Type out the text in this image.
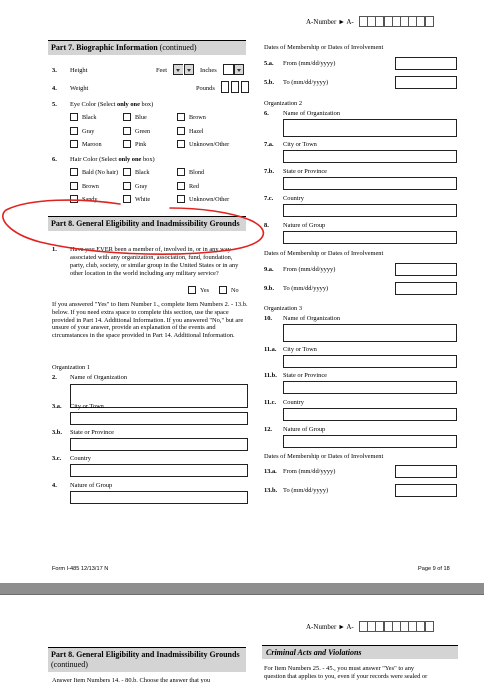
A-Number ► A-
Part 7. Biographic Information (continued)
3. Height	Feet	Inches
4. Weight	Pounds
5. Eye Color (Select only one box)
Black	Blue	Brown
Gray	Green	Hazel
Maroon	Pink	Unknown/Other
6. Hair Color (Select only one box)
Bald (No hair)	Black	Blond
Brown	Gray	Red
Sandy	White	Unknown/Other
Part 8. General Eligibility and Inadmissibility Grounds
1. Have you EVER been a member of, involved in, or in any way associated with any organization, association, fund, foundation, party, club, society, or similar group in the United States or in any other location in the world including any military service?
Yes	No
If you answered "Yes" to Item Number 1., complete Item Numbers 2. - 13.b. below. If you need extra space to complete this section, use the space provided in Part 14. Additional Information. If you answered "No," but are unsure of your answer, provide an explanation of the events and circumstances in the space provided in Part 14. Additional Information.
Organization 1
2. Name of Organization
3.a. City or Town
3.b. State or Province
3.c. Country
4. Nature of Group
Dates of Membership or Dates of Involvement
5.a. From (mm/dd/yyyy)
5.b. To (mm/dd/yyyy)
Organization 2
6. Name of Organization
7.a. City or Town
7.b. State or Province
7.c. Country
8. Nature of Group
Dates of Membership or Dates of Involvement
9.a. From (mm/dd/yyyy)
9.b. To (mm/dd/yyyy)
Organization 3
10. Name of Organization
11.a. City or Town
11.b. State or Province
11.c. Country
12. Nature of Group
Dates of Membership or Dates of Involvement
13.a. From (mm/dd/yyyy)
13.b. To (mm/dd/yyyy)
Form I-485 12/13/17 N	Page 9 of 18
A-Number ► A-
Part 8. General Eligibility and Inadmissibility Grounds (continued)
Answer Item Numbers 14. - 80.b. Choose the answer that you
Criminal Acts and Violations
For Item Numbers 25. - 45., you must answer "Yes" to any
question that applies to you, even if your records were sealed or
